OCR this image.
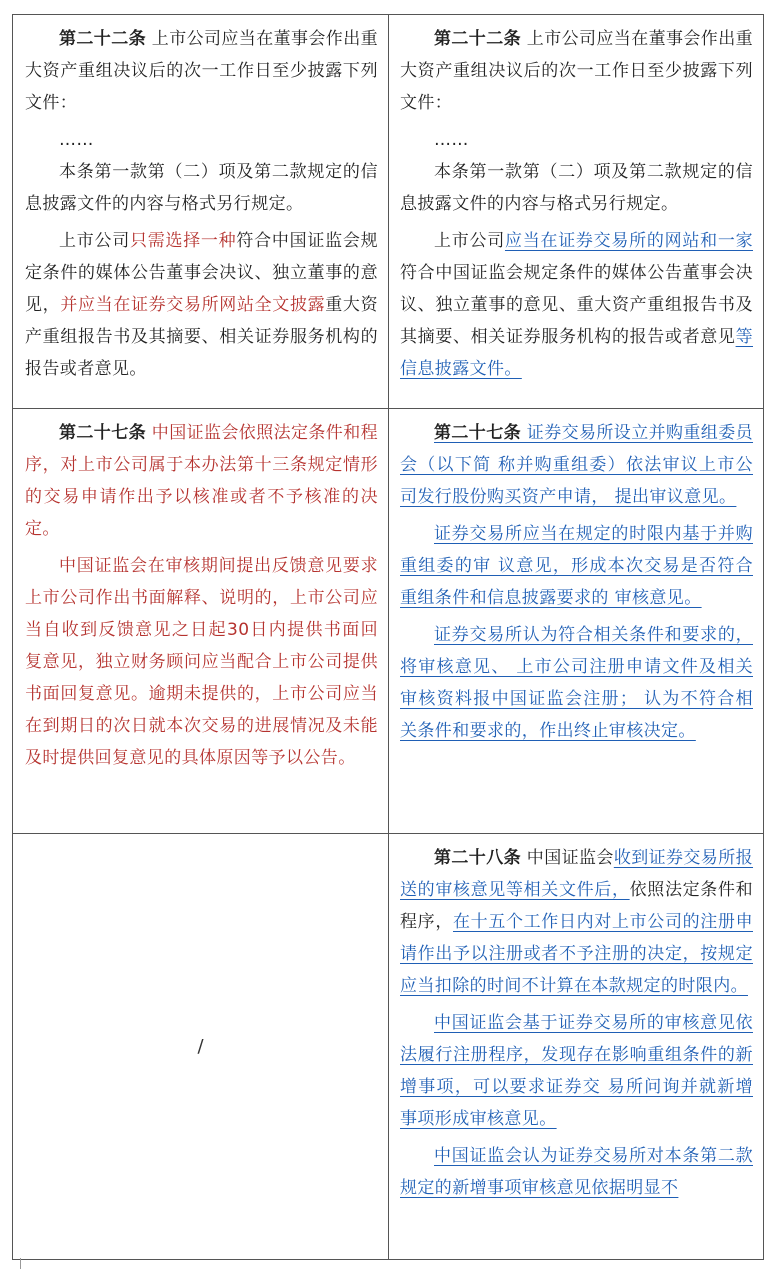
第二十二条 上市公司应当在董事会作出重大资产重组决议后的次一工作日至少披露下列文件：

……

本条第一款第（二）项及第二款规定的信息披露文件的内容与格式另行规定。

上市公司只需选择一种符合中国证监会规定条件的媒体公告董事会决议、独立董事的意见，并应当在证券交易所网站全文披露重大资产重组报告书及其摘要、相关证券服务机构的报告或者意见。

第二十二条 上市公司应当在董事会作出重大资产重组决议后的次一工作日至少披露下列文件：

……

本条第一款第（二）项及第二款规定的信息披露文件的内容与格式另行规定。

上市公司应当在证券交易所的网站和一家符合中国证监会规定条件的媒体公告董事会决议、独立董事的意见、重大资产重组报告书及其摘要、相关证券服务机构的报告或者意见等信息披露文件。

第二十七条 中国证监会依照法定条件和程序，对上市公司属于本办法第十三条规定情形的交易申请作出予以核准或者不予核准的决定。

中国证监会在审核期间提出反馈意见要求上市公司作出书面解释、说明的，上市公司应当自收到反馈意见之日起30日内提供书面回复意见，独立财务顾问应当配合上市公司提供书面回复意见。逾期未提供的，上市公司应当在到期日的次日就本次交易的进展情况及未能及时提供回复意见的具体原因等予以公告。

第二十七条 证券交易所设立并购重组委员会（以下简 称并购重组委）依法审议上市公司发行股份购买资产申请， 提出审议意见。

证券交易所应当在规定的时限内基于并购重组委的审 议意见，形成本次交易是否符合重组条件和信息披露要求的 审核意见。

证券交易所认为符合相关条件和要求的，将审核意见、 上市公司注册申请文件及相关审核资料报中国证监会注册； 认为不符合相关条件和要求的，作出终止审核决定。

/

第二十八条 中国证监会收到证券交易所报送的审核意见等相关文件后，依照法定条件和程序，在十五个工作日内对上市公司的注册申请作出予以注册或者不予注册的决定，按规定应当扣除的时间不计算在本款规定的时限内。

中国证监会基于证券交易所的审核意见依法履行注册程序，发现存在影响重组条件的新增事项，可以要求证券交 易所问询并就新增事项形成审核意见。

中国证监会认为证券交易所对本条第二款规定的新增事项审核意见依据明显不
